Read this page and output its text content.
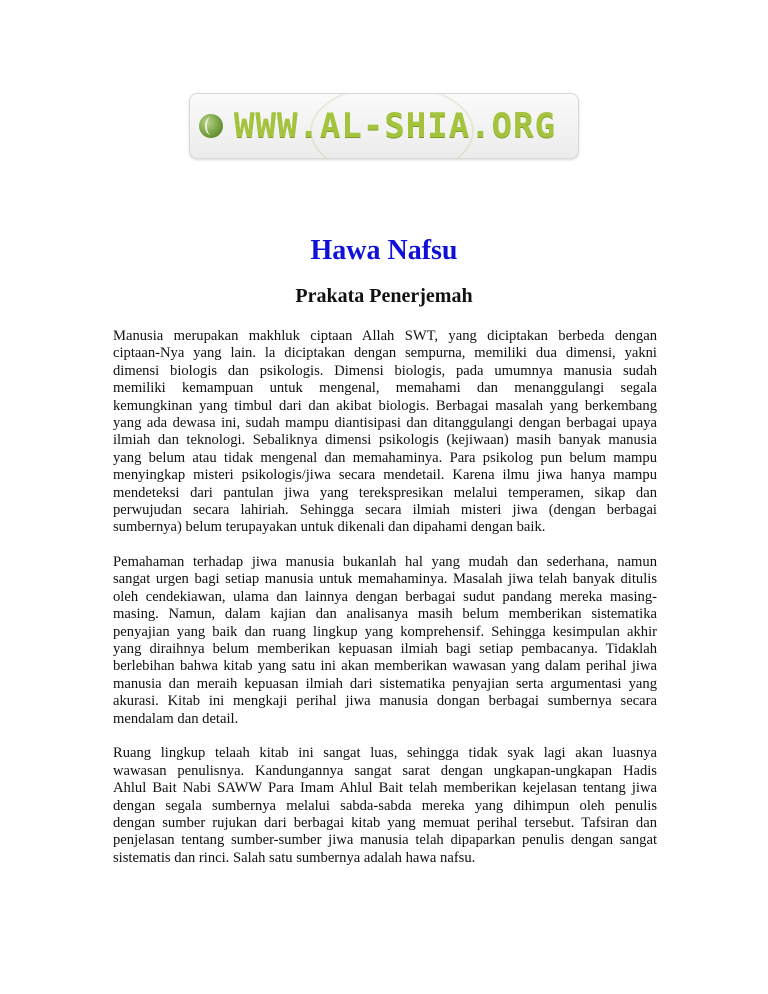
WWW.AL-SHIA.ORG
Hawa Nafsu
Prakata Penerjemah
Manusia merupakan makhluk ciptaan Allah SWT, yang diciptakan berbeda dengan
ciptaan-Nya yang lain. la diciptakan dengan sempurna, memiliki dua dimensi, yakni
dimensi biologis dan psikologis. Dimensi biologis, pada umumnya manusia sudah
memiliki kemampuan untuk mengenal, memahami dan menanggulangi segala
kemungkinan yang timbul dari dan akibat biologis. Berbagai masalah yang berkembang
yang ada dewasa ini, sudah mampu diantisipasi dan ditanggulangi dengan berbagai upaya
ilmiah dan teknologi. Sebaliknya dimensi psikologis (kejiwaan) masih banyak manusia
yang belum atau tidak mengenal dan memahaminya. Para psikolog pun belum mampu
menyingkap misteri psikologis/jiwa secara mendetail. Karena ilmu jiwa hanya mampu
mendeteksi dari pantulan jiwa yang terekspresikan melalui temperamen, sikap dan
perwujudan secara lahiriah. Sehingga secara ilmiah misteri jiwa (dengan berbagai
sumbernya) belum terupayakan untuk dikenali dan dipahami dengan baik.
Pemahaman terhadap jiwa manusia bukanlah hal yang mudah dan sederhana, namun
sangat urgen bagi setiap manusia untuk memahaminya. Masalah jiwa telah banyak ditulis
oleh cendekiawan, ulama dan lainnya dengan berbagai sudut pandang mereka masing-
masing. Namun, dalam kajian dan analisanya masih belum memberikan sistematika
penyajian yang baik dan ruang lingkup yang komprehensif. Sehingga kesimpulan akhir
yang diraihnya belum memberikan kepuasan ilmiah bagi setiap pembacanya. Tidaklah
berlebihan bahwa kitab yang satu ini akan memberikan wawasan yang dalam perihal jiwa
manusia dan meraih kepuasan ilmiah dari sistematika penyajian serta argumentasi yang
akurasi. Kitab ini mengkaji perihal jiwa manusia dongan berbagai sumbernya secara
mendalam dan detail.
Ruang lingkup telaah kitab ini sangat luas, sehingga tidak syak lagi akan luasnya
wawasan penulisnya. Kandungannya sangat sarat dengan ungkapan-ungkapan Hadis
Ahlul Bait Nabi SAWW Para Imam Ahlul Bait telah memberikan kejelasan tentang jiwa
dengan segala sumbernya melalui sabda-sabda mereka yang dihimpun oleh penulis
dengan sumber rujukan dari berbagai kitab yang memuat perihal tersebut. Tafsiran dan
penjelasan tentang sumber-sumber jiwa manusia telah dipaparkan penulis dengan sangat
sistematis dan rinci. Salah satu sumbernya adalah hawa nafsu.
